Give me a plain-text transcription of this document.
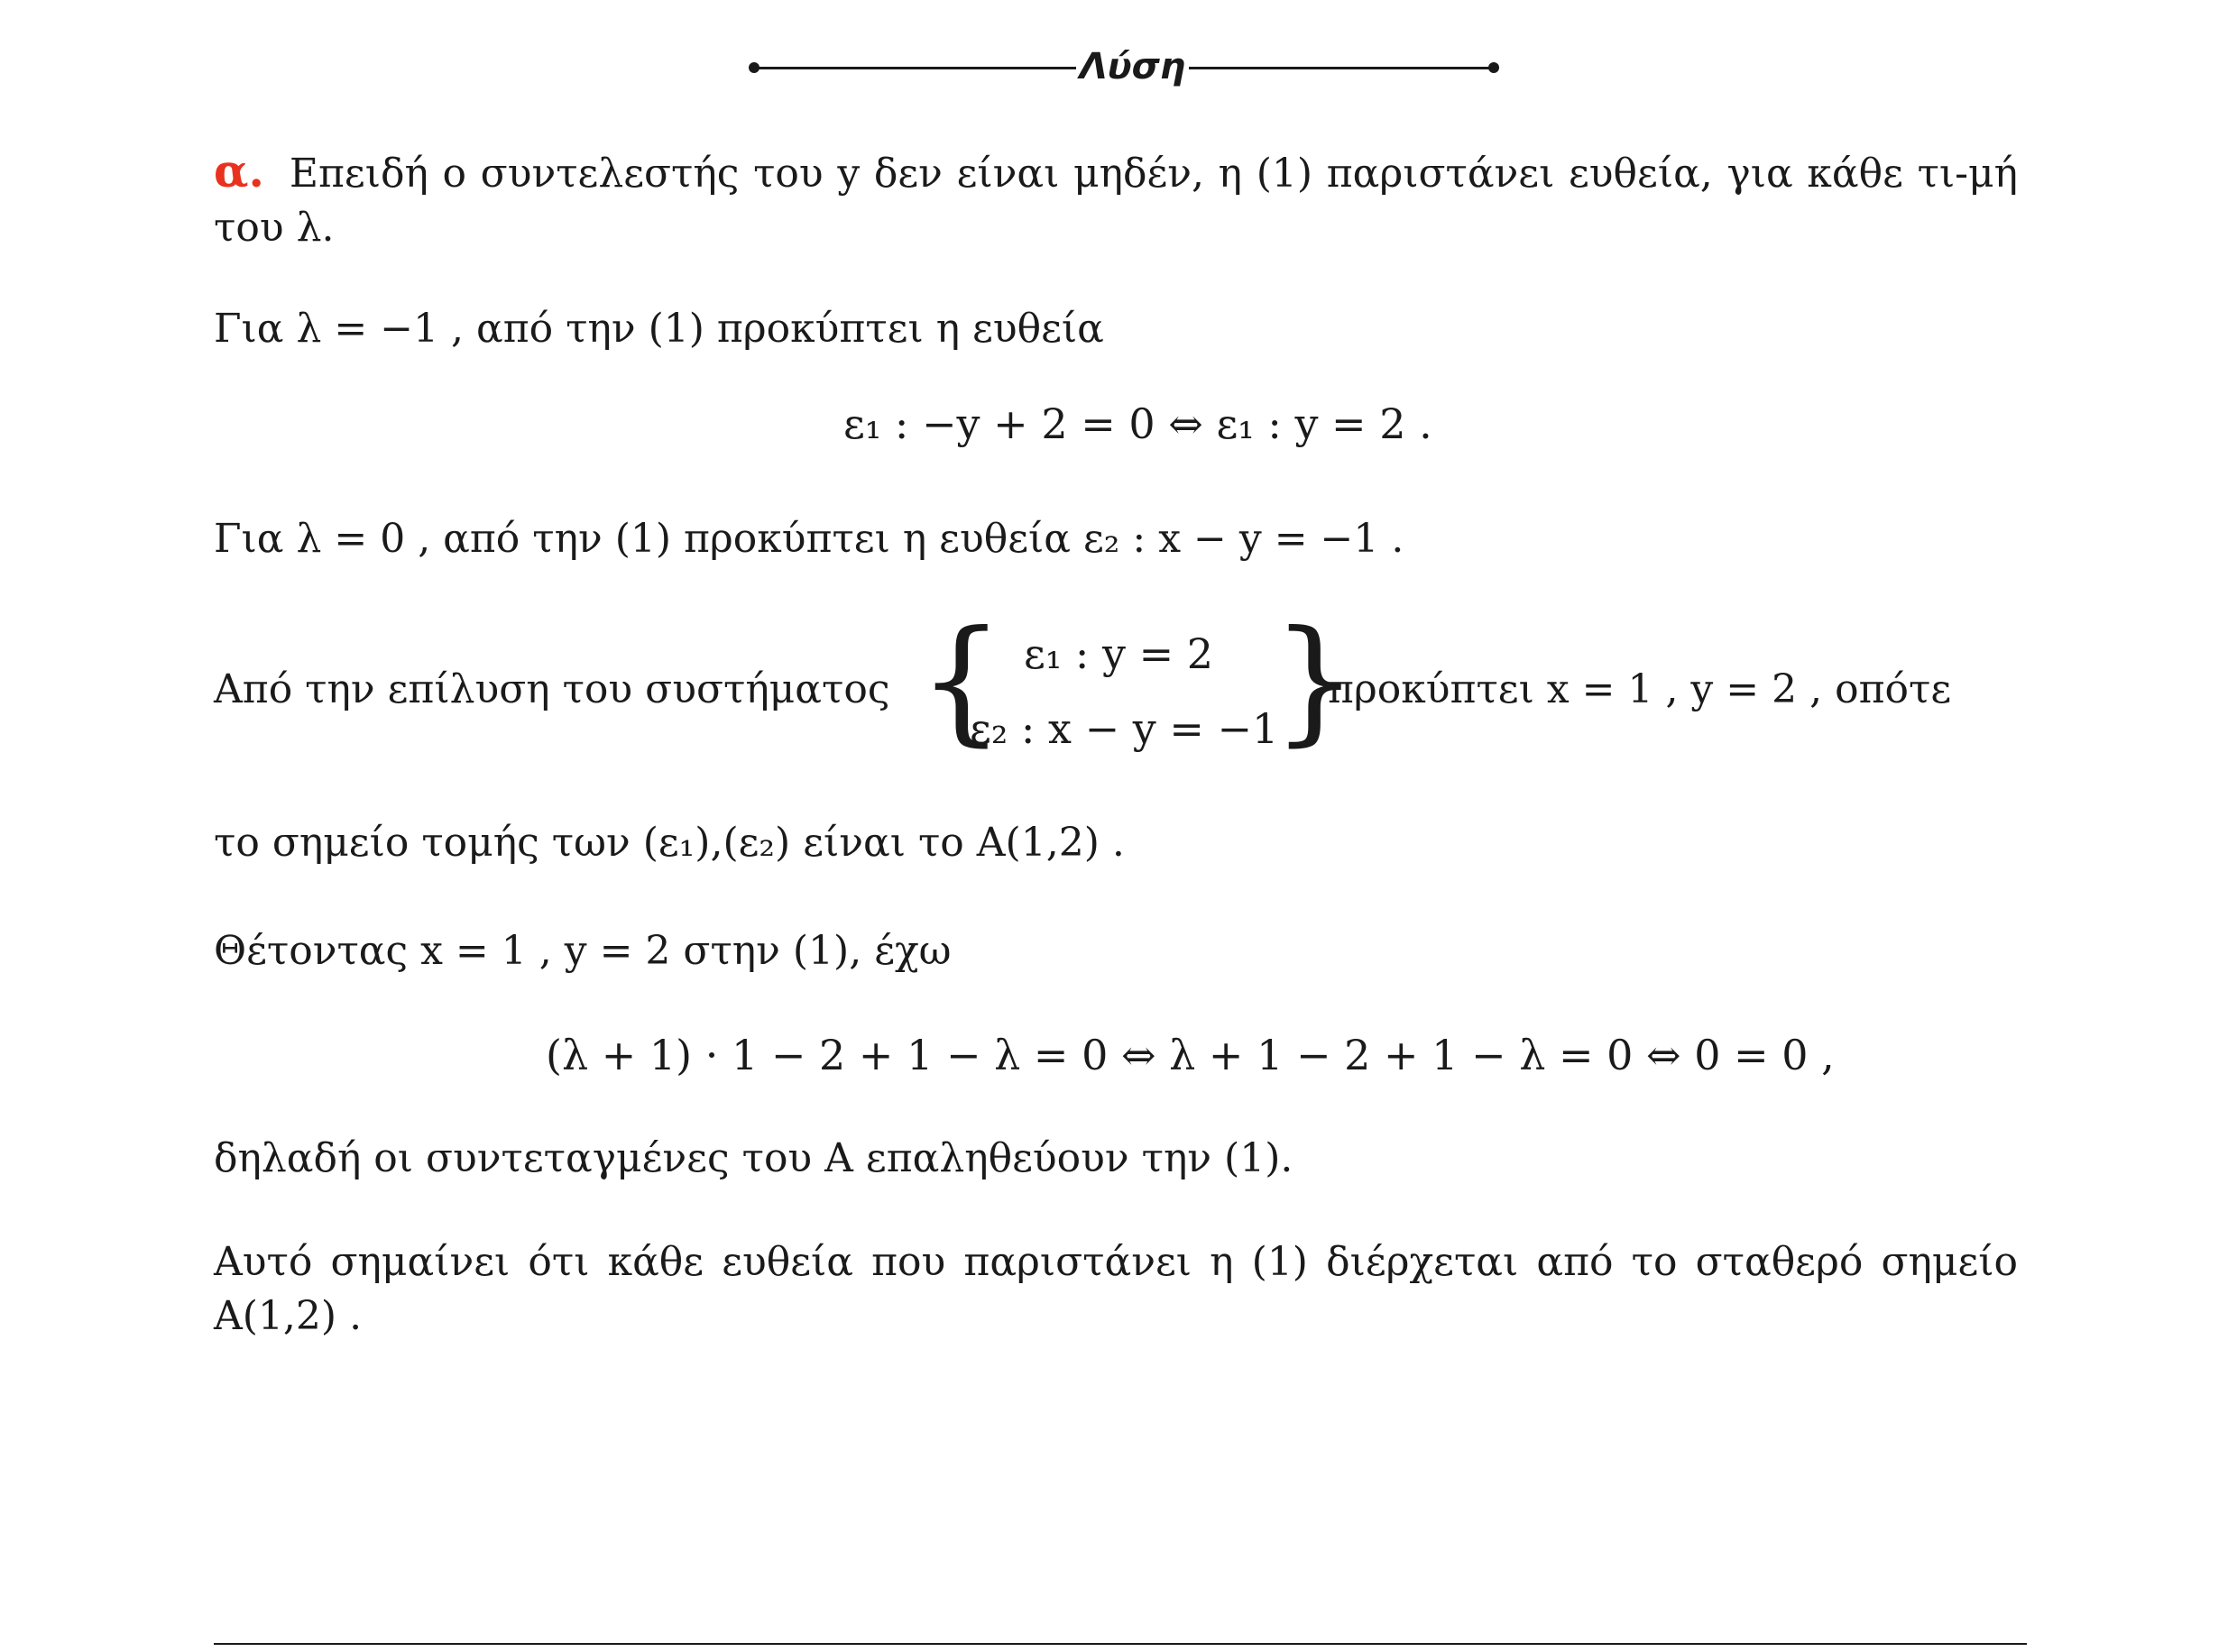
Λύση
α. Επειδή ο συντελεστής του y δεν είναι μηδέν, η (1) παριστάνει ευθεία, για κάθε τι-μή του λ.
Για λ = −1 , από την (1) προκύπτει η ευθεία
ε₁ : −y + 2 = 0 ⇔ ε₁ : y = 2 .
Για λ = 0 , από την (1) προκύπτει η ευθεία ε₂ : x − y = −1 .
Από την επίλυση του συστήματος { ε₁ : y = 2
ε₂ : x − y = −1
}
προκύπτει x = 1 , y = 2 , οπότε
το σημείο τομής των (ε₁),(ε₂) είναι το A(1,2) .
Θέτοντας x = 1 , y = 2 στην (1), έχω
(λ + 1) · 1 − 2 + 1 − λ = 0 ⇔ λ + 1 − 2 + 1 − λ = 0 ⇔ 0 = 0 ,
δηλαδή οι συντεταγμένες του Α επαληθεύουν την (1).
Αυτό σημαίνει ότι κάθε ευθεία που παριστάνει η (1) διέρχεται από το σταθερό σημείο A(1,2) .
